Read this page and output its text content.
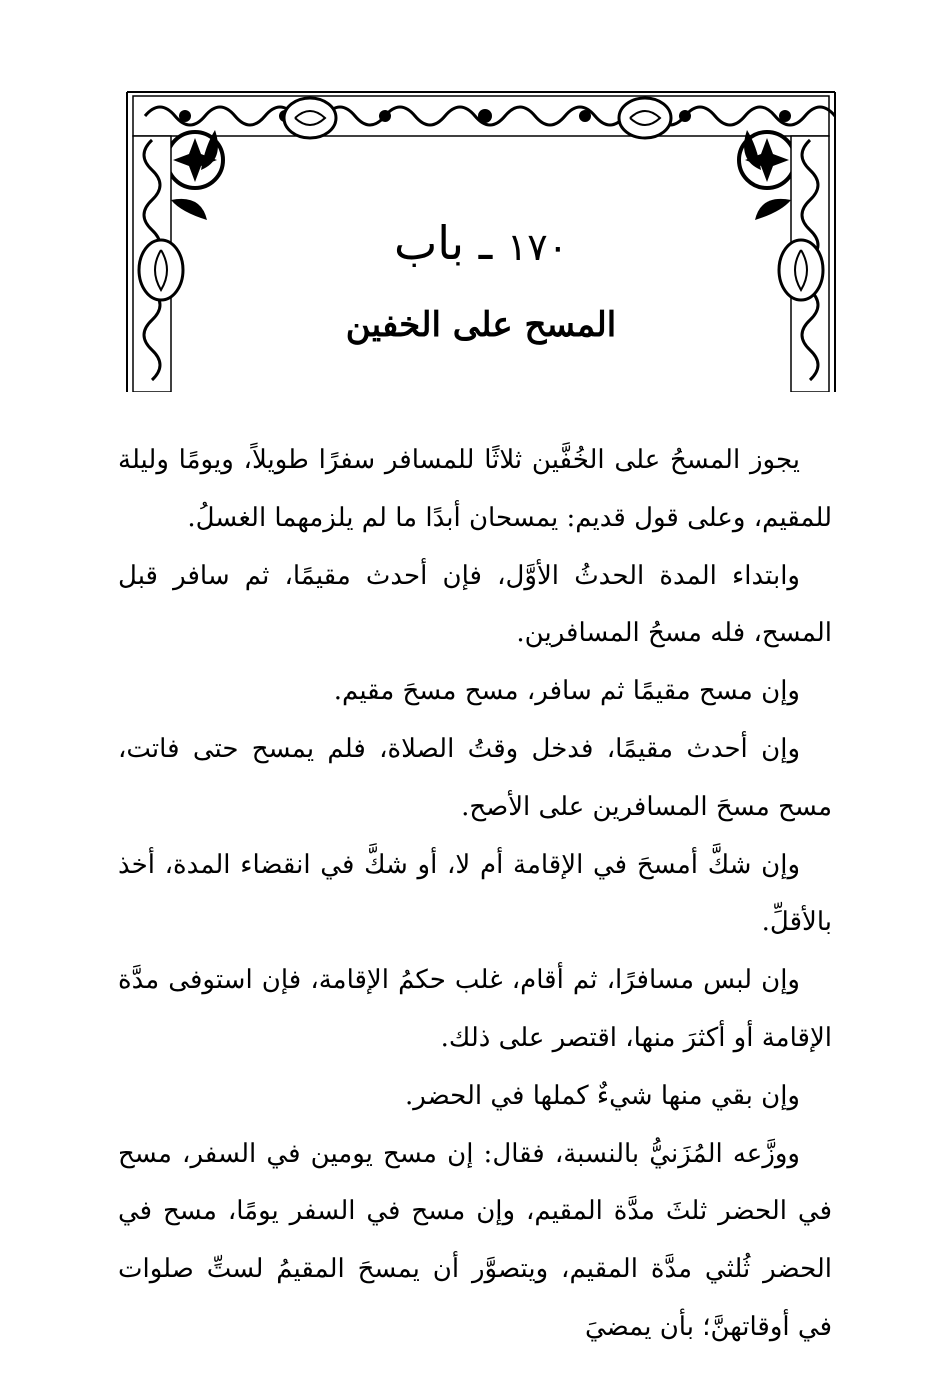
١٧٠ ـ باب
المسح على الخفين

يجوز المسحُ على الخُفَّين ثلاثًا للمسافر سفرًا طويلاً، ويومًا وليلة للمقيم، وعلى قول قديم: يمسحان أبدًا ما لم يلزمهما الغسلُ.

وابتداء المدة الحدثُ الأوَّل، فإن أحدث مقيمًا، ثم سافر قبل المسح، فله مسحُ المسافرين.

وإن مسح مقيمًا ثم سافر، مسح مسحَ مقيم.

وإن أحدث مقيمًا، فدخل وقتُ الصلاة، فلم يمسح حتى فاتت، مسح مسحَ المسافرين على الأصح.

وإن شكَّ أمسحَ في الإقامة أم لا، أو شكَّ في انقضاء المدة، أخذ بالأقلِّ.

وإن لبس مسافرًا، ثم أقام، غلب حكمُ الإقامة، فإن استوفى مدَّة الإقامة أو أكثرَ منها، اقتصر على ذلك.

وإن بقي منها شيءٌ كملها في الحضر.

ووزَّعه المُزَنيُّ بالنسبة، فقال: إن مسح يومين في السفر، مسح في الحضر ثلثَ مدَّة المقيم، وإن مسح في السفر يومًا، مسح في الحضر ثُلثي مدَّة المقيم، ويتصوَّر أن يمسحَ المقيمُ لستِّ صلوات في أوقاتهنَّ؛ بأن يمضيَ
